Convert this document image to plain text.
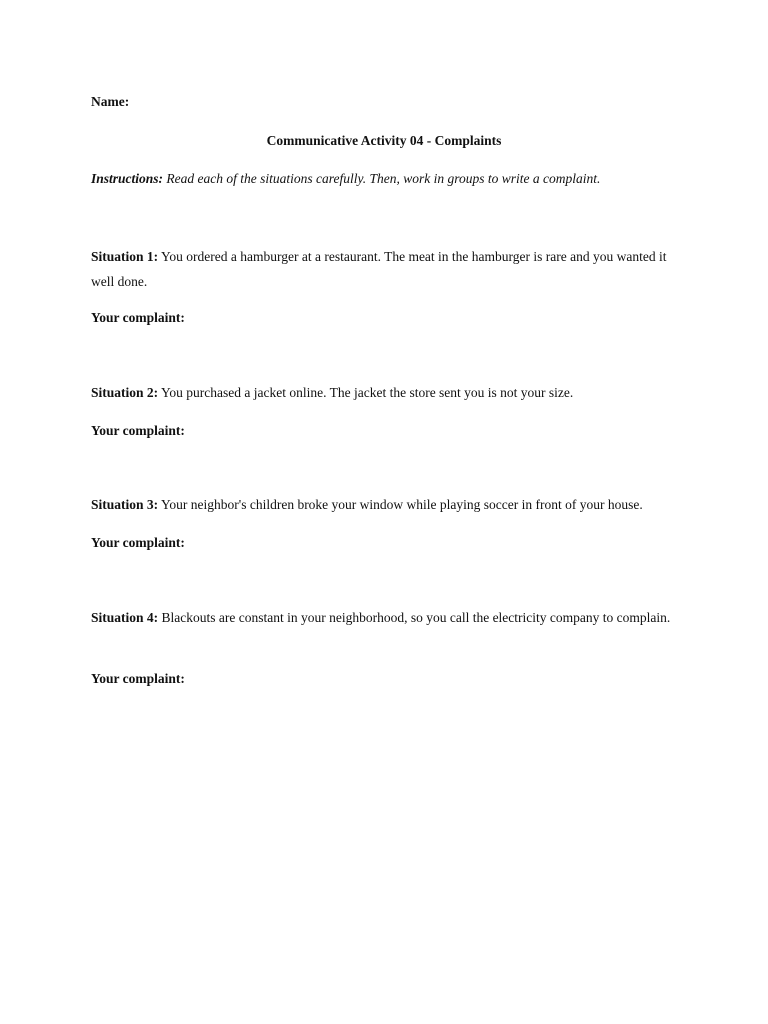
Name:
Communicative Activity 04 - Complaints
Instructions: Read each of the situations carefully. Then, work in groups to write a complaint.
Situation 1: You ordered a hamburger at a restaurant. The meat in the hamburger is rare and you wanted it well done.
Your complaint:
Situation 2: You purchased a jacket online. The jacket the store sent you is not your size.
Your complaint:
Situation 3: Your neighbor's children broke your window while playing soccer in front of your house.
Your complaint:
Situation 4: Blackouts are constant in your neighborhood, so you call the electricity company to complain.
Your complaint:
